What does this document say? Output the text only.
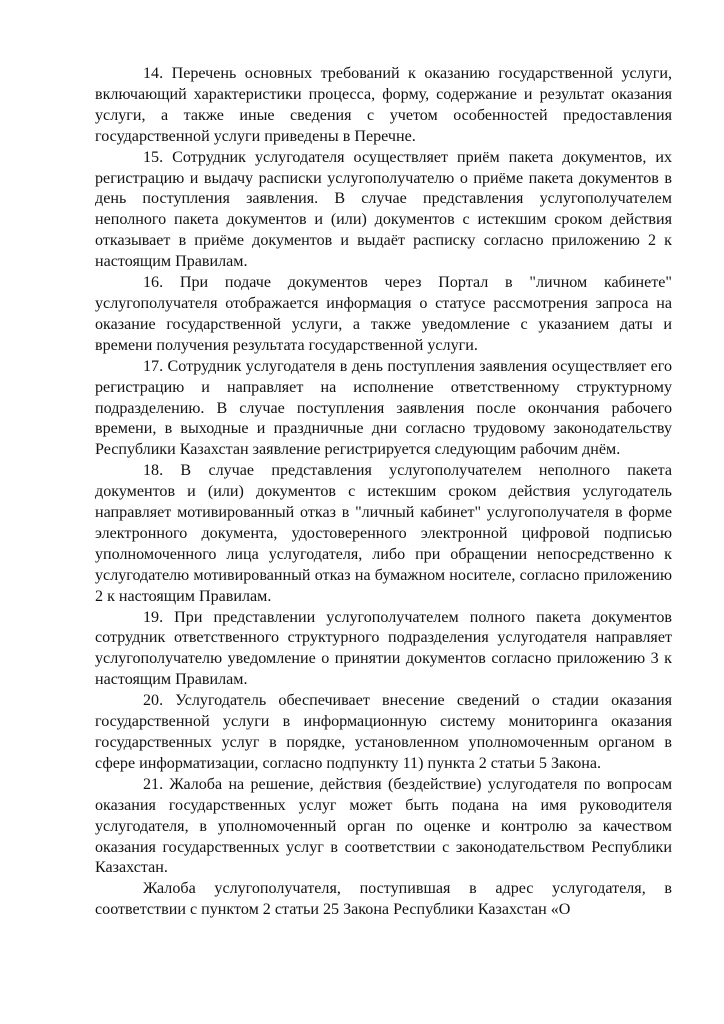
14. Перечень основных требований к оказанию государственной услуги, включающий характеристики процесса, форму, содержание и результат оказания услуги, а также иные сведения с учетом особенностей предоставления государственной услуги приведены в Перечне.

15. Сотрудник услугодателя осуществляет приём пакета документов, их регистрацию и выдачу расписки услугополучателю о приёме пакета документов в день поступления заявления. В случае представления услугополучателем неполного пакета документов и (или) документов с истекшим сроком действия отказывает в приёме документов и выдаёт расписку согласно приложению 2 к настоящим Правилам.

16. При подаче документов через Портал в "личном кабинете" услугополучателя отображается информация о статусе рассмотрения запроса на оказание государственной услуги, а также уведомление с указанием даты и времени получения результата государственной услуги.

17. Сотрудник услугодателя в день поступления заявления осуществляет его регистрацию и направляет на исполнение ответственному структурному подразделению. В случае поступления заявления после окончания рабочего времени, в выходные и праздничные дни согласно трудовому законодательству Республики Казахстан заявление регистрируется следующим рабочим днём.

18. В случае представления услугополучателем неполного пакета документов и (или) документов с истекшим сроком действия услугодатель направляет мотивированный отказ в "личный кабинет" услугополучателя в форме электронного документа, удостоверенного электронной цифровой подписью уполномоченного лица услугодателя, либо при обращении непосредственно к услугодателю мотивированный отказ на бумажном носителе, согласно приложению 2 к настоящим Правилам.

19. При представлении услугополучателем полного пакета документов сотрудник ответственного структурного подразделения услугодателя направляет услугополучателю уведомление о принятии документов согласно приложению 3 к настоящим Правилам.

20. Услугодатель обеспечивает внесение сведений о стадии оказания государственной услуги в информационную систему мониторинга оказания государственных услуг в порядке, установленном уполномоченным органом в сфере информатизации, согласно подпункту 11) пункта 2 статьи 5 Закона.

21. Жалоба на решение, действия (бездействие) услугодателя по вопросам оказания государственных услуг может быть подана на имя руководителя услугодателя, в уполномоченный орган по оценке и контролю за качеством оказания государственных услуг в соответствии с законодательством Республики Казахстан.

Жалоба услугополучателя, поступившая в адрес услугодателя, в соответствии с пунктом 2 статьи 25 Закона Республики Казахстан «О
